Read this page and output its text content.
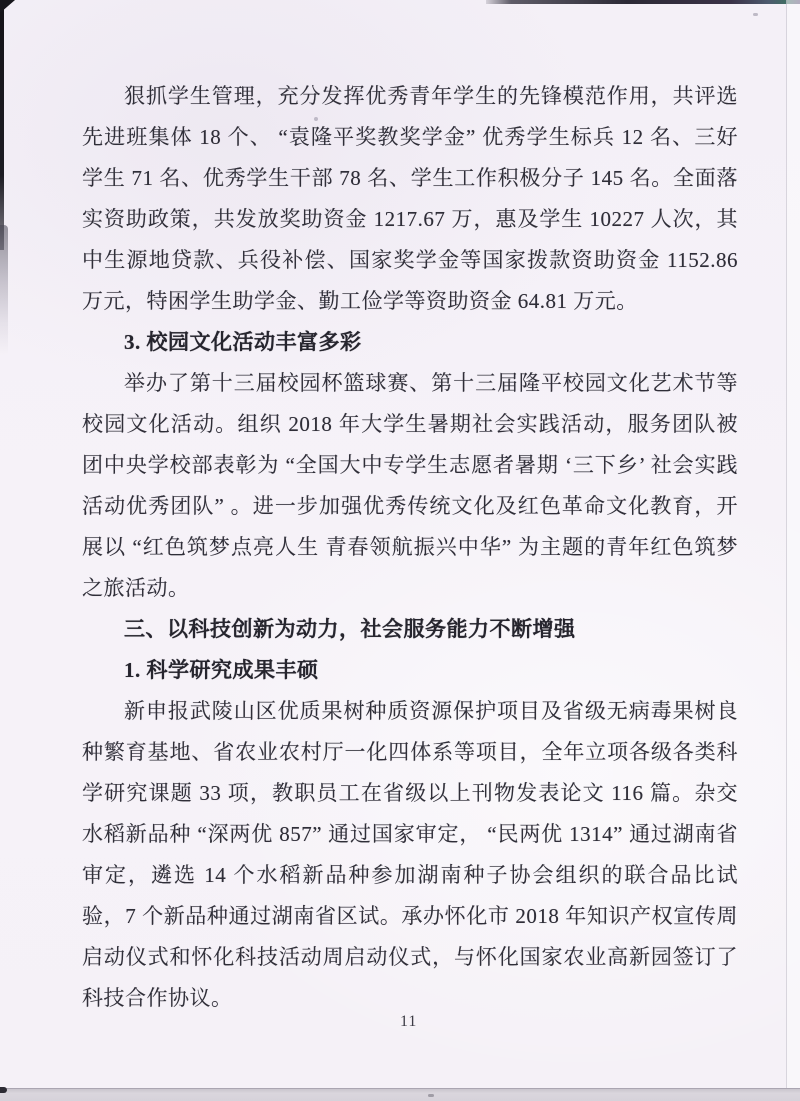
狠抓学生管理，充分发挥优秀青年学生的先锋模范作用，共评选先进班集体 18 个、 “袁隆平奖教奖学金” 优秀学生标兵 12 名、三好学生 71 名、优秀学生干部 78 名、学生工作积极分子 145 名。全面落实资助政策，共发放奖助资金 1217.67 万，惠及学生 10227 人次，其中生源地贷款、兵役补偿、国家奖学金等国家拨款资助资金 1152.86 万元，特困学生助学金、勤工俭学等资助资金 64.81 万元。

3. 校园文化活动丰富多彩

举办了第十三届校园杯篮球赛、第十三届隆平校园文化艺术节等校园文化活动。组织 2018 年大学生暑期社会实践活动，服务团队被团中央学校部表彰为 “全国大中专学生志愿者暑期 ‘三下乡’ 社会实践活动优秀团队” 。进一步加强优秀传统文化及红色革命文化教育，开展以 “红色筑梦点亮人生 青春领航振兴中华” 为主题的青年红色筑梦之旅活动。

三、以科技创新为动力，社会服务能力不断增强

1. 科学研究成果丰硕

新申报武陵山区优质果树种质资源保护项目及省级无病毒果树良种繁育基地、省农业农村厅一化四体系等项目，全年立项各级各类科学研究课题 33 项，教职员工在省级以上刊物发表论文 116 篇。杂交水稻新品种 “深两优 857” 通过国家审定， “民两优 1314” 通过湖南省审定，遴选 14 个水稻新品种参加湖南种子协会组织的联合品比试验，7 个新品种通过湖南省区试。承办怀化市 2018 年知识产权宣传周启动仪式和怀化科技活动周启动仪式，与怀化国家农业高新园签订了科技合作协议。

11
